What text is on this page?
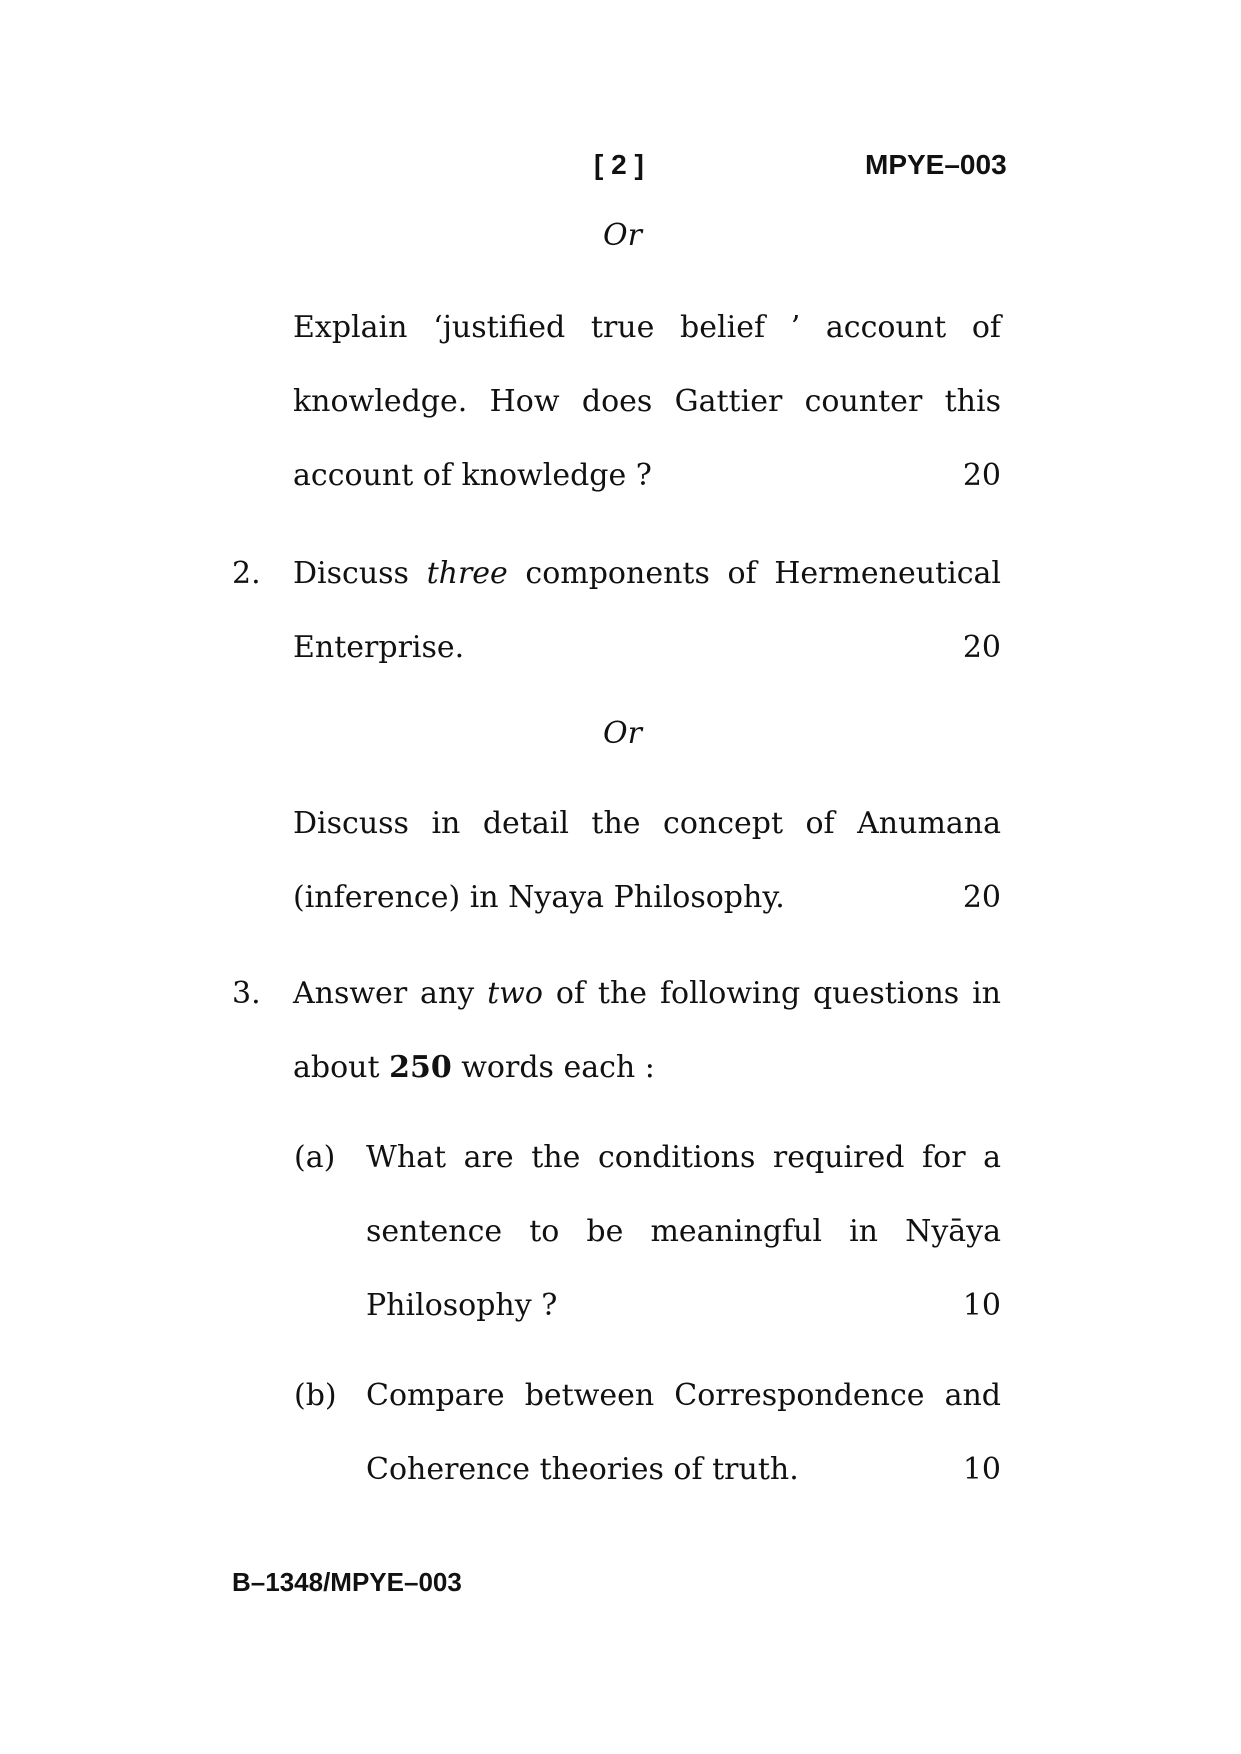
[ 2 ]	MPYE–003
Or
Explain ‘justified true belief ’ account of
knowledge. How does Gattier counter this
account of knowledge ?	20
2. Discuss three components of Hermeneutical
Enterprise.	20
Or
Discuss in detail the concept of Anumana
(inference) in Nyaya Philosophy.	20
3. Answer any two of the following questions in
about 250 words each :
(a) What are the conditions required for a
sentence to be meaningful in Nyāya
Philosophy ?	10
(b) Compare between Correspondence and
Coherence theories of truth.	10
B–1348/MPYE–003
